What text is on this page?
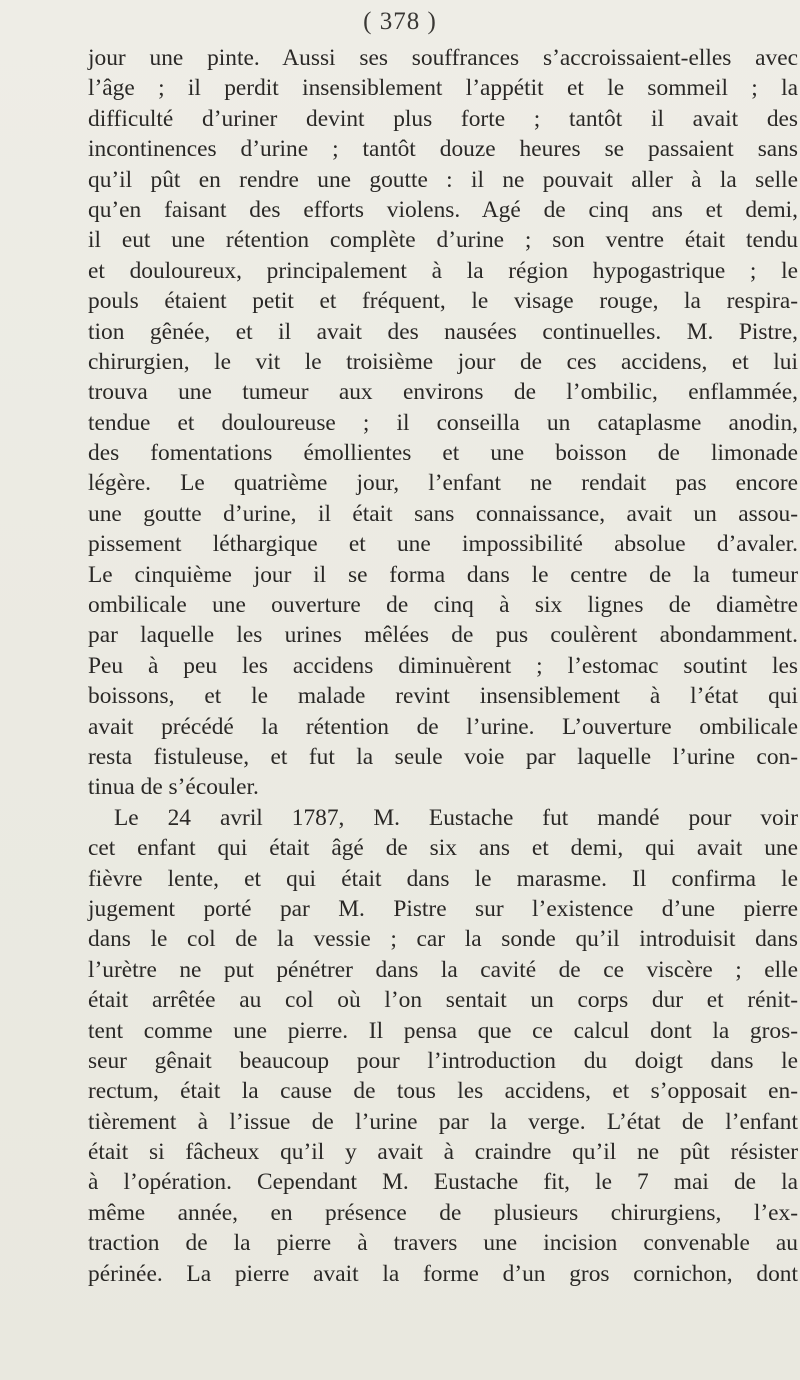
( 378 )
jour une pinte. Aussi ses souffrances s’accroissaient-elles avec
l’âge ; il perdit insensiblement l’appétit et le sommeil ; la
difficulté d’uriner devint plus forte ; tantôt il avait des
incontinences d’urine ; tantôt douze heures se passaient sans
qu’il pût en rendre une goutte : il ne pouvait aller à la selle
qu’en faisant des efforts violens. Agé de cinq ans et demi,
il eut une rétention complète d’urine ; son ventre était tendu
et douloureux, principalement à la région hypogastrique ; le
pouls étaient petit et fréquent, le visage rouge, la respira-
tion gênée, et il avait des nausées continuelles. M. Pistre,
chirurgien, le vit le troisième jour de ces accidens, et lui
trouva une tumeur aux environs de l’ombilic, enflammée,
tendue et douloureuse ; il conseilla un cataplasme anodin,
des fomentations émollientes et une boisson de limonade
légère. Le quatrième jour, l’enfant ne rendait pas encore
une goutte d’urine, il était sans connaissance, avait un assou-
pissement léthargique et une impossibilité absolue d’avaler.
Le cinquième jour il se forma dans le centre de la tumeur
ombilicale une ouverture de cinq à six lignes de diamètre
par laquelle les urines mêlées de pus coulèrent abondamment.
Peu à peu les accidens diminuèrent ; l’estomac soutint les
boissons, et le malade revint insensiblement à l’état qui
avait précédé la rétention de l’urine. L’ouverture ombilicale
resta fistuleuse, et fut la seule voie par laquelle l’urine con-
tinua de s’écouler.
Le 24 avril 1787, M. Eustache fut mandé pour voir
cet enfant qui était âgé de six ans et demi, qui avait une
fièvre lente, et qui était dans le marasme. Il confirma le
jugement porté par M. Pistre sur l’existence d’une pierre
dans le col de la vessie ; car la sonde qu’il introduisit dans
l’urètre ne put pénétrer dans la cavité de ce viscère ; elle
était arrêtée au col où l’on sentait un corps dur et rénit-
tent comme une pierre. Il pensa que ce calcul dont la gros-
seur gênait beaucoup pour l’introduction du doigt dans le
rectum, était la cause de tous les accidens, et s’opposait en-
tièrement à l’issue de l’urine par la verge. L’état de l’enfant
était si fâcheux qu’il y avait à craindre qu’il ne pût résister
à l’opération. Cependant M. Eustache fit, le 7 mai de la
même année, en présence de plusieurs chirurgiens, l’ex-
traction de la pierre à travers une incision convenable au
périnée. La pierre avait la forme d’un gros cornichon, dont
